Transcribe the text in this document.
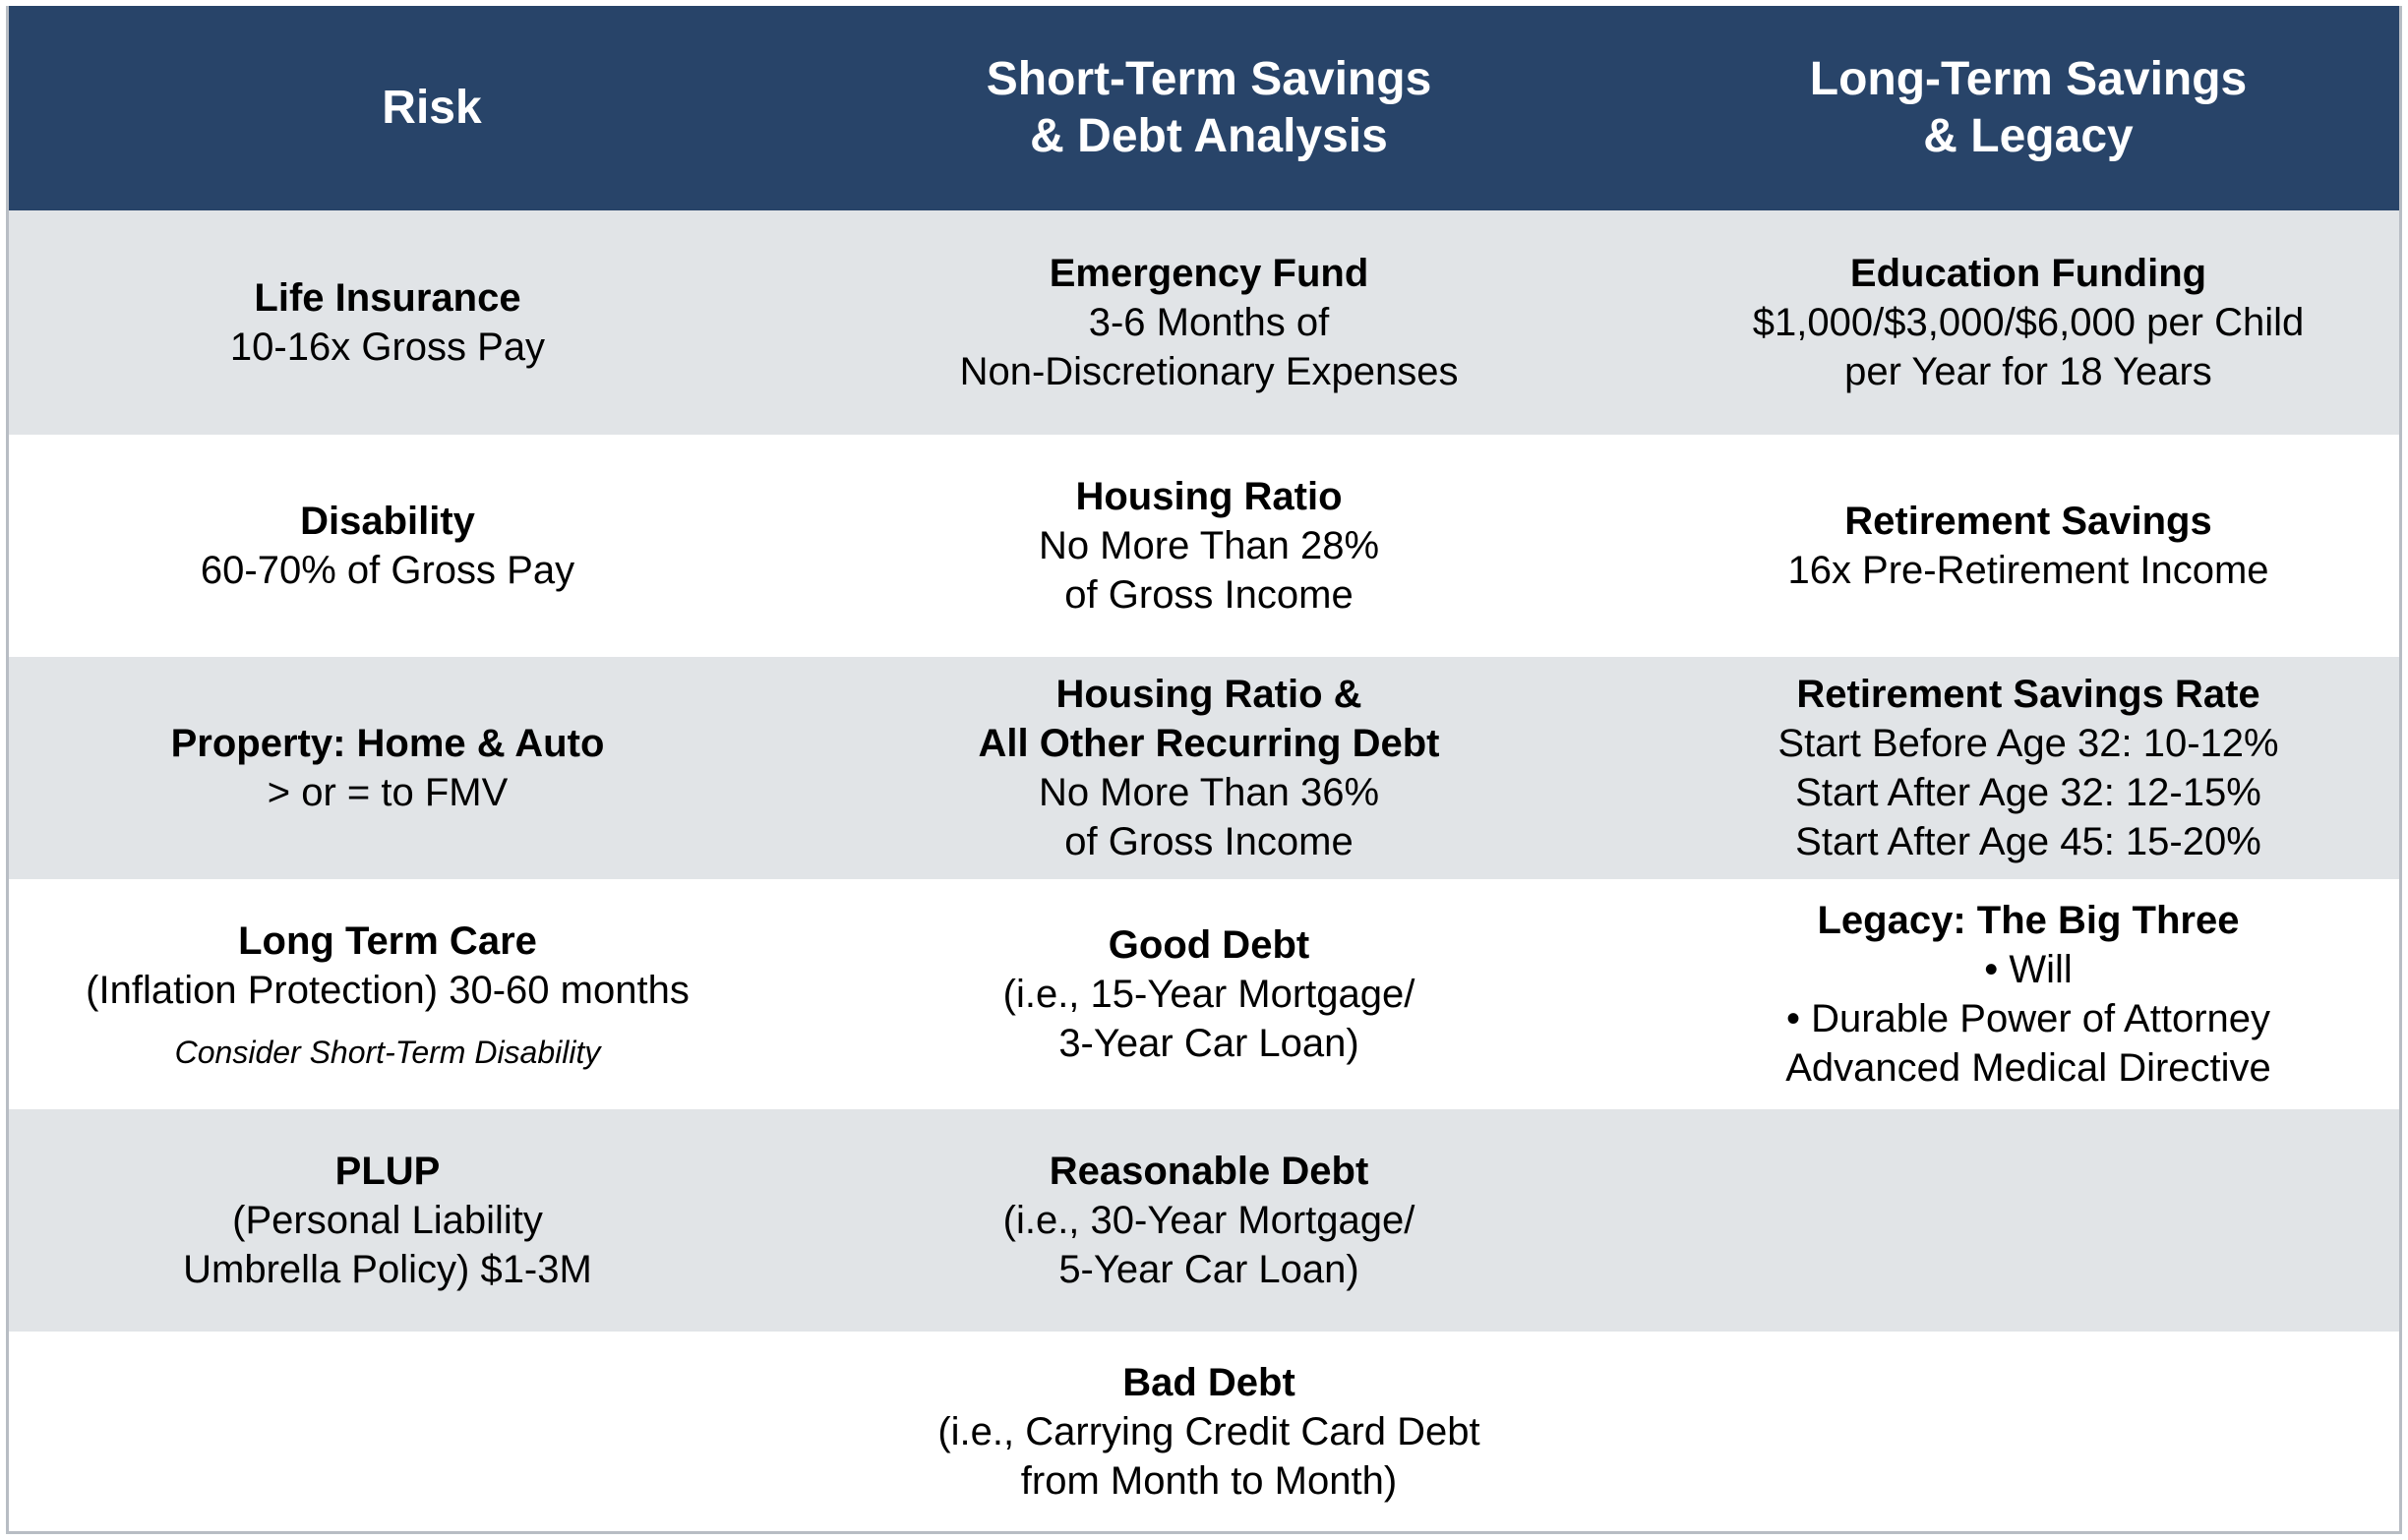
Risk
Short-Term Savings
& Debt Analysis
Long-Term Savings
& Legacy
Life Insurance
10-16x Gross Pay
Emergency Fund
3-6 Months of
Non-Discretionary Expenses
Education Funding
$1,000/$3,000/$6,000 per Child
per Year for 18 Years
Disability
60-70% of Gross Pay
Housing Ratio
No More Than 28%
of Gross Income
Retirement Savings
16x Pre-Retirement Income
Property: Home & Auto
> or = to FMV
Housing Ratio &
All Other Recurring Debt
No More Than 36%
of Gross Income
Retirement Savings Rate
Start Before Age 32: 10-12%
Start After Age 32: 12-15%
Start After Age 45: 15-20%
Long Term Care
(Inflation Protection) 30-60 months
Consider Short-Term Disability
Good Debt
(i.e., 15-Year Mortgage/
3-Year Car Loan)
Legacy: The Big Three
• Will
• Durable Power of Attorney
Advanced Medical Directive
PLUP
(Personal Liability
Umbrella Policy) $1-3M
Reasonable Debt
(i.e., 30-Year Mortgage/
5-Year Car Loan)
Bad Debt
(i.e., Carrying Credit Card Debt
from Month to Month)
